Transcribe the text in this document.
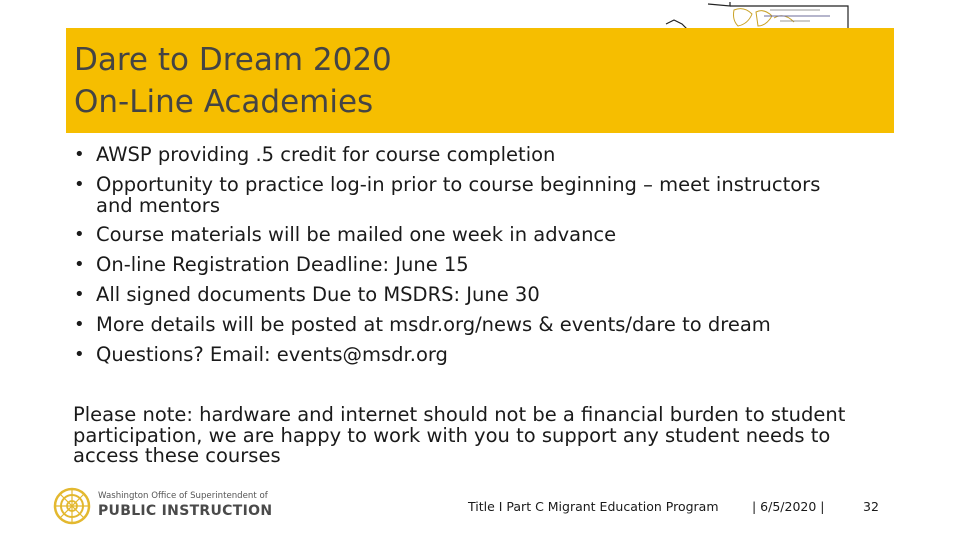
Dare to Dream 2020
On-Line Academies
• AWSP providing .5 credit for course completion
• Opportunity to practice log-in prior to course beginning – meet instructors
and mentors
• Course materials will be mailed one week in advance
• On-line Registration Deadline: June 15
• All signed documents Due to MSDRS: June 30
• More details will be posted at msdr.org/news & events/dare to dream
• Questions? Email: events@msdr.org
Please note: hardware and internet should not be a financial burden to student participation, we are happy to work with you to support any student needs to access these courses
Washington Office of Superintendent of
PUBLIC INSTRUCTION	Title I Part C Migrant Education Program	| 6/5/2020 |	32
